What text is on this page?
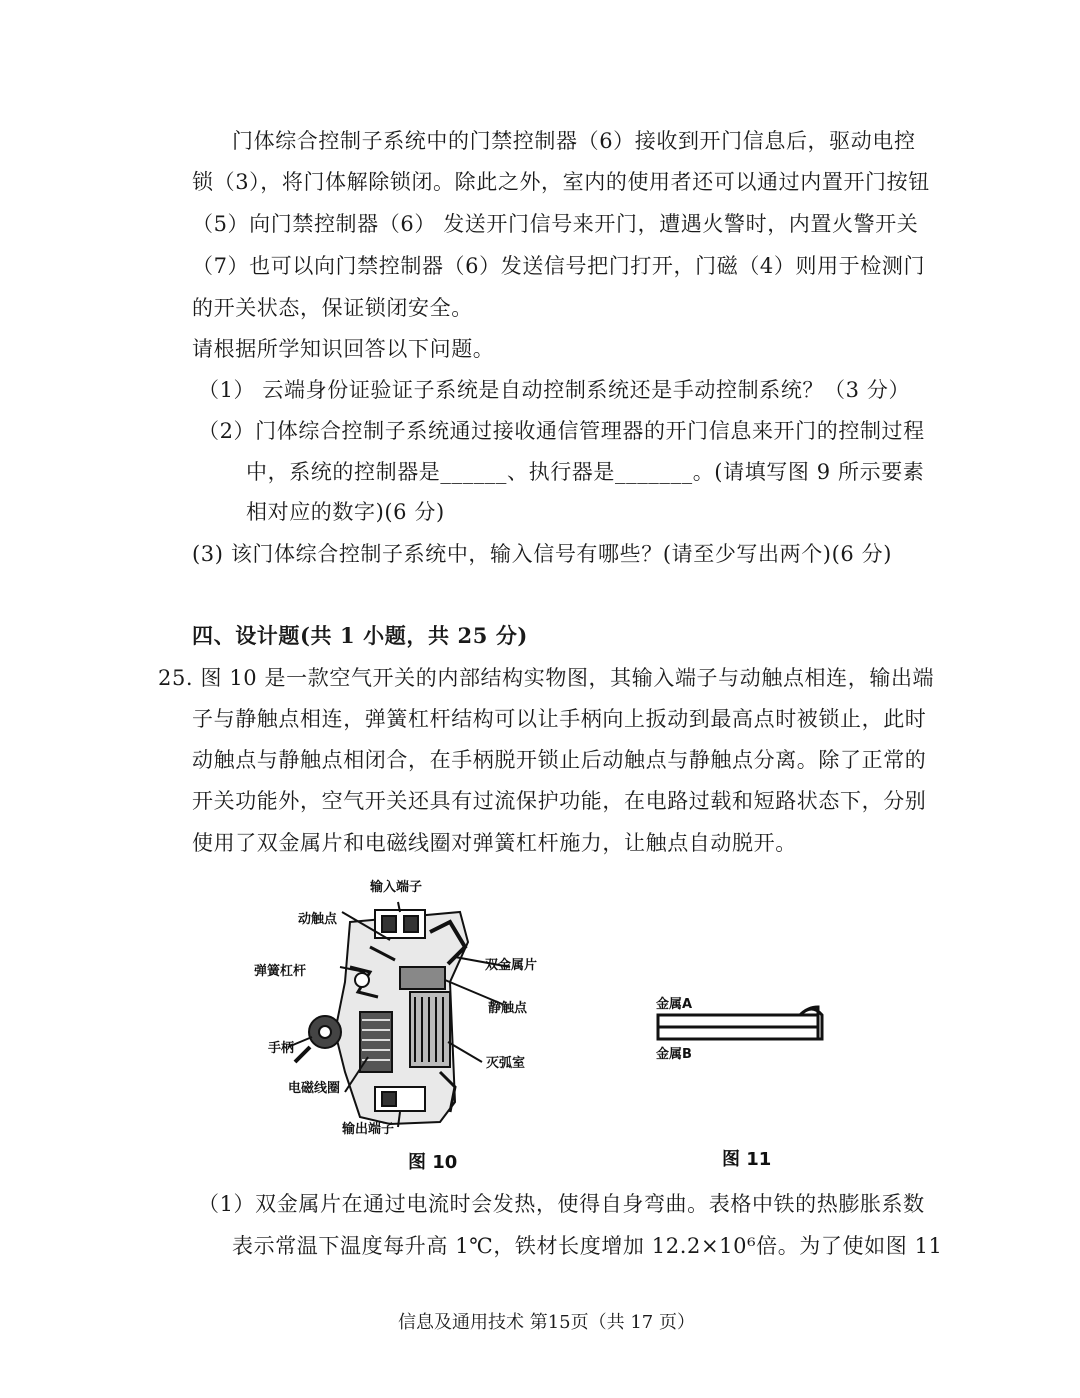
门体综合控制子系统中的门禁控制器（6）接收到开门信息后，驱动电控
锁（3），将门体解除锁闭。除此之外，室内的使用者还可以通过内置开门按钮
（5）向门禁控制器（6） 发送开门信号来开门，遭遇火警时，内置火警开关
（7）也可以向门禁控制器（6）发送信号把门打开，门磁（4）则用于检测门
的开关状态，保证锁闭安全。
请根据所学知识回答以下问题。
（1） 云端身份证验证子系统是自动控制系统还是手动控制系统？（3 分）
（2）门体综合控制子系统通过接收通信管理器的开门信息来开门的控制过程
中，系统的控制器是______、执行器是_______。(请填写图 9 所示要素
相对应的数字)(6 分)
(3) 该门体综合控制子系统中，输入信号有哪些？(请至少写出两个)(6 分)
四、设计题(共 1 小题，共 25 分)
25. 图 10 是一款空气开关的内部结构实物图，其输入端子与动触点相连，输出端
子与静触点相连，弹簧杠杆结构可以让手柄向上扳动到最高点时被锁止，此时
动触点与静触点相闭合，在手柄脱开锁止后动触点与静触点分离。除了正常的
开关功能外，空气开关还具有过流保护功能，在电路过载和短路状态下，分别
使用了双金属片和电磁线圈对弹簧杠杆施力，让触点自动脱开。
输入端子
动触点
弹簧杠杆	双金属片
静触点
手柄
灭弧室
电磁线圈
输出端子
图 10
金属A
金属B
图 11
（1）双金属片在通过电流时会发热，使得自身弯曲。表格中铁的热膨胀系数
表示常温下温度每升高 1℃，铁材长度增加 12.2×10⁶倍。为了使如图 11
信息及通用技术 第15页（共 17 页）
